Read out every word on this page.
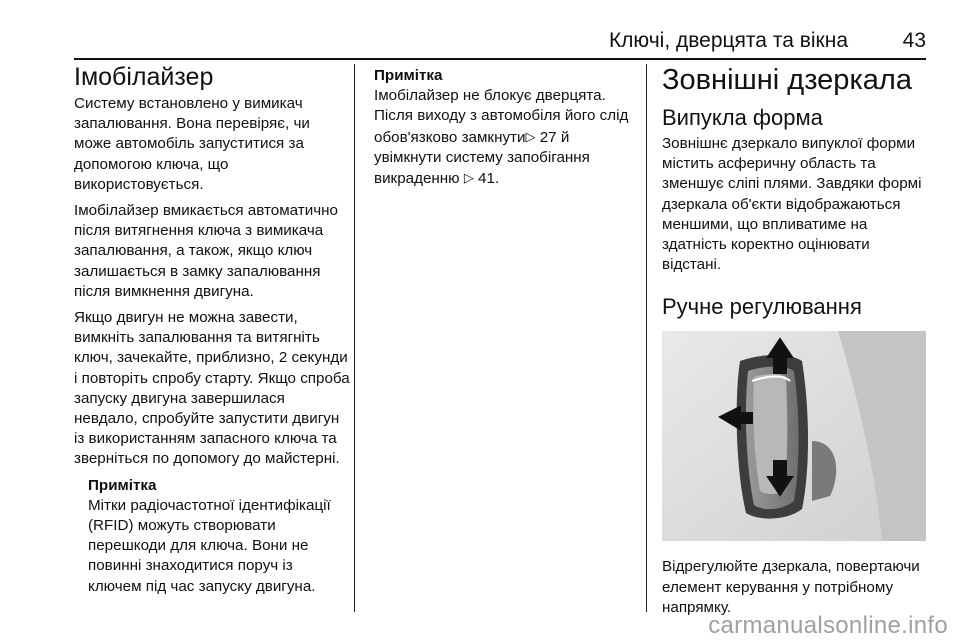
Ключі, дверцята та вікна	43
Імобілайзер

Систему встановлено у вимикач запалювання. Вона перевіряє, чи може автомобіль запуститися за допомогою ключа, що використовується.

Імобілайзер вмикається автоматично після витягнення ключа з вимикача запалювання, а також, якщо ключ залишається в замку запалювання після вимкнення двигуна.

Якщо двигун не можна завести, вимкніть запалювання та витягніть ключ, зачекайте, приблизно, 2 секунди і повторіть спробу старту. Якщо спроба запуску двигуна завершилася невдало, спробуйте запустити двигун із використанням запасного ключа та зверніться по допомогу до майстерні.

Примітка
Мітки радіочастотної ідентифікації (RFID) можуть створювати перешкоди для ключа. Вони не повинні знаходитися поруч із ключем під час запуску двигуна.
Примітка
Імобілайзер не блокує дверцята. Після виходу з автомобіля його слід обов'язково замкнути▷ 27 й увімкнути систему запобігання викраденню ▷ 41.
Зовнішні дзеркала
Випукла форма

Зовнішнє дзеркало випуклої форми містить асферичну область та зменшує сліпі плями. Завдяки формі дзеркала об'єкти відображаються меншими, що впливатиме на здатність коректно оцінювати відстані.

Ручне регулювання

Відрегулюйте дзеркала, повертаючи елемент керування у потрібному напрямку.

carmanualsonline.info
